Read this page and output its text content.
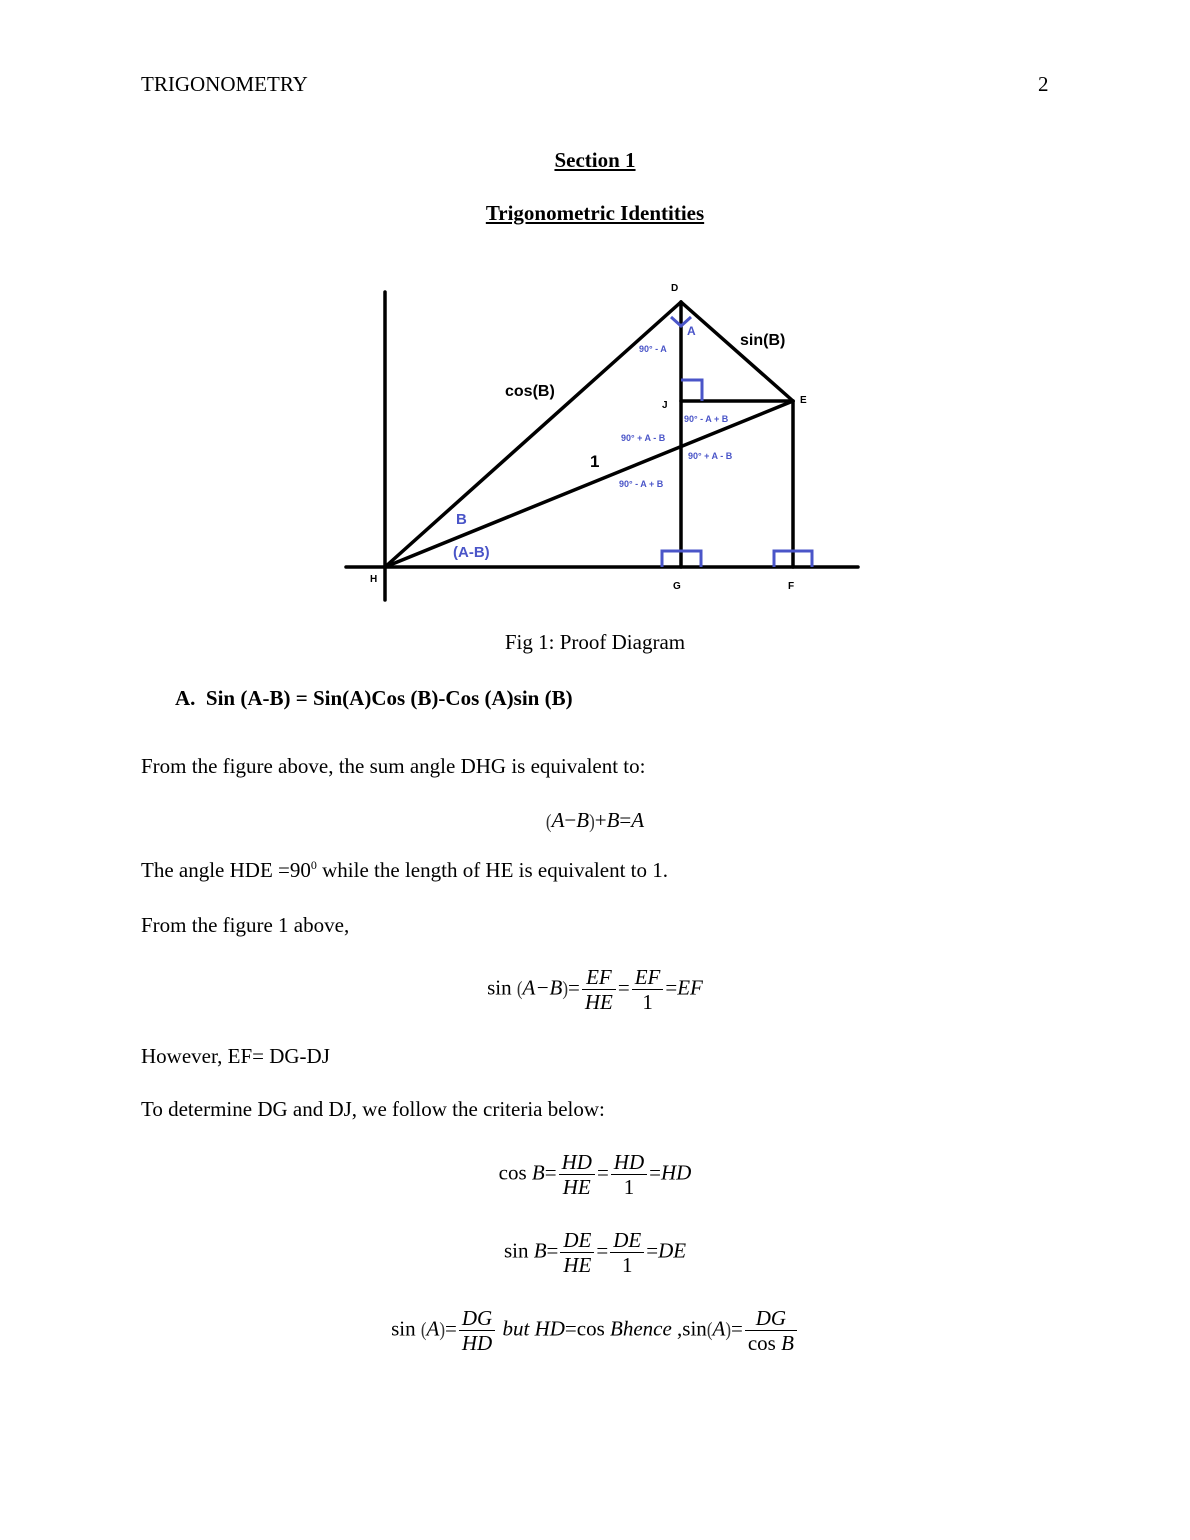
TRIGONOMETRY	2
Section 1
Trigonometric Identities
D
E
F
G
H
J
cos(B)
sin(B)
1
A
B
(A-B)
90° - A
90° - A + B
90° + A - B
90° + A - B
90° - A + B
Fig 1: Proof Diagram
A. Sin (A-B) = Sin(A)Cos (B)-Cos (A)sin (B)
From the figure above, the sum angle DHG is equivalent to:
(A−B)+B=A
The angle HDE $=90^0$ while the length of HE is equivalent to 1.
From the figure 1 above,
$\sin (A-B)= \frac{EF}{HE} = \frac{EF}{1} =EF$
However, EF= DG-DJ
To determine DG and DJ, we follow the criteria below:
$\cos B= \frac{HD}{HE} = \frac{HD}{1} =HD$
$\sin B= \frac{DE}{HE} = \frac{DE}{1} =DE$
$\sin (A)= \frac{DG}{HD}$ but HD=cos Bhence $,\sin(A)= \frac{DG}{\text{cos B}}$
